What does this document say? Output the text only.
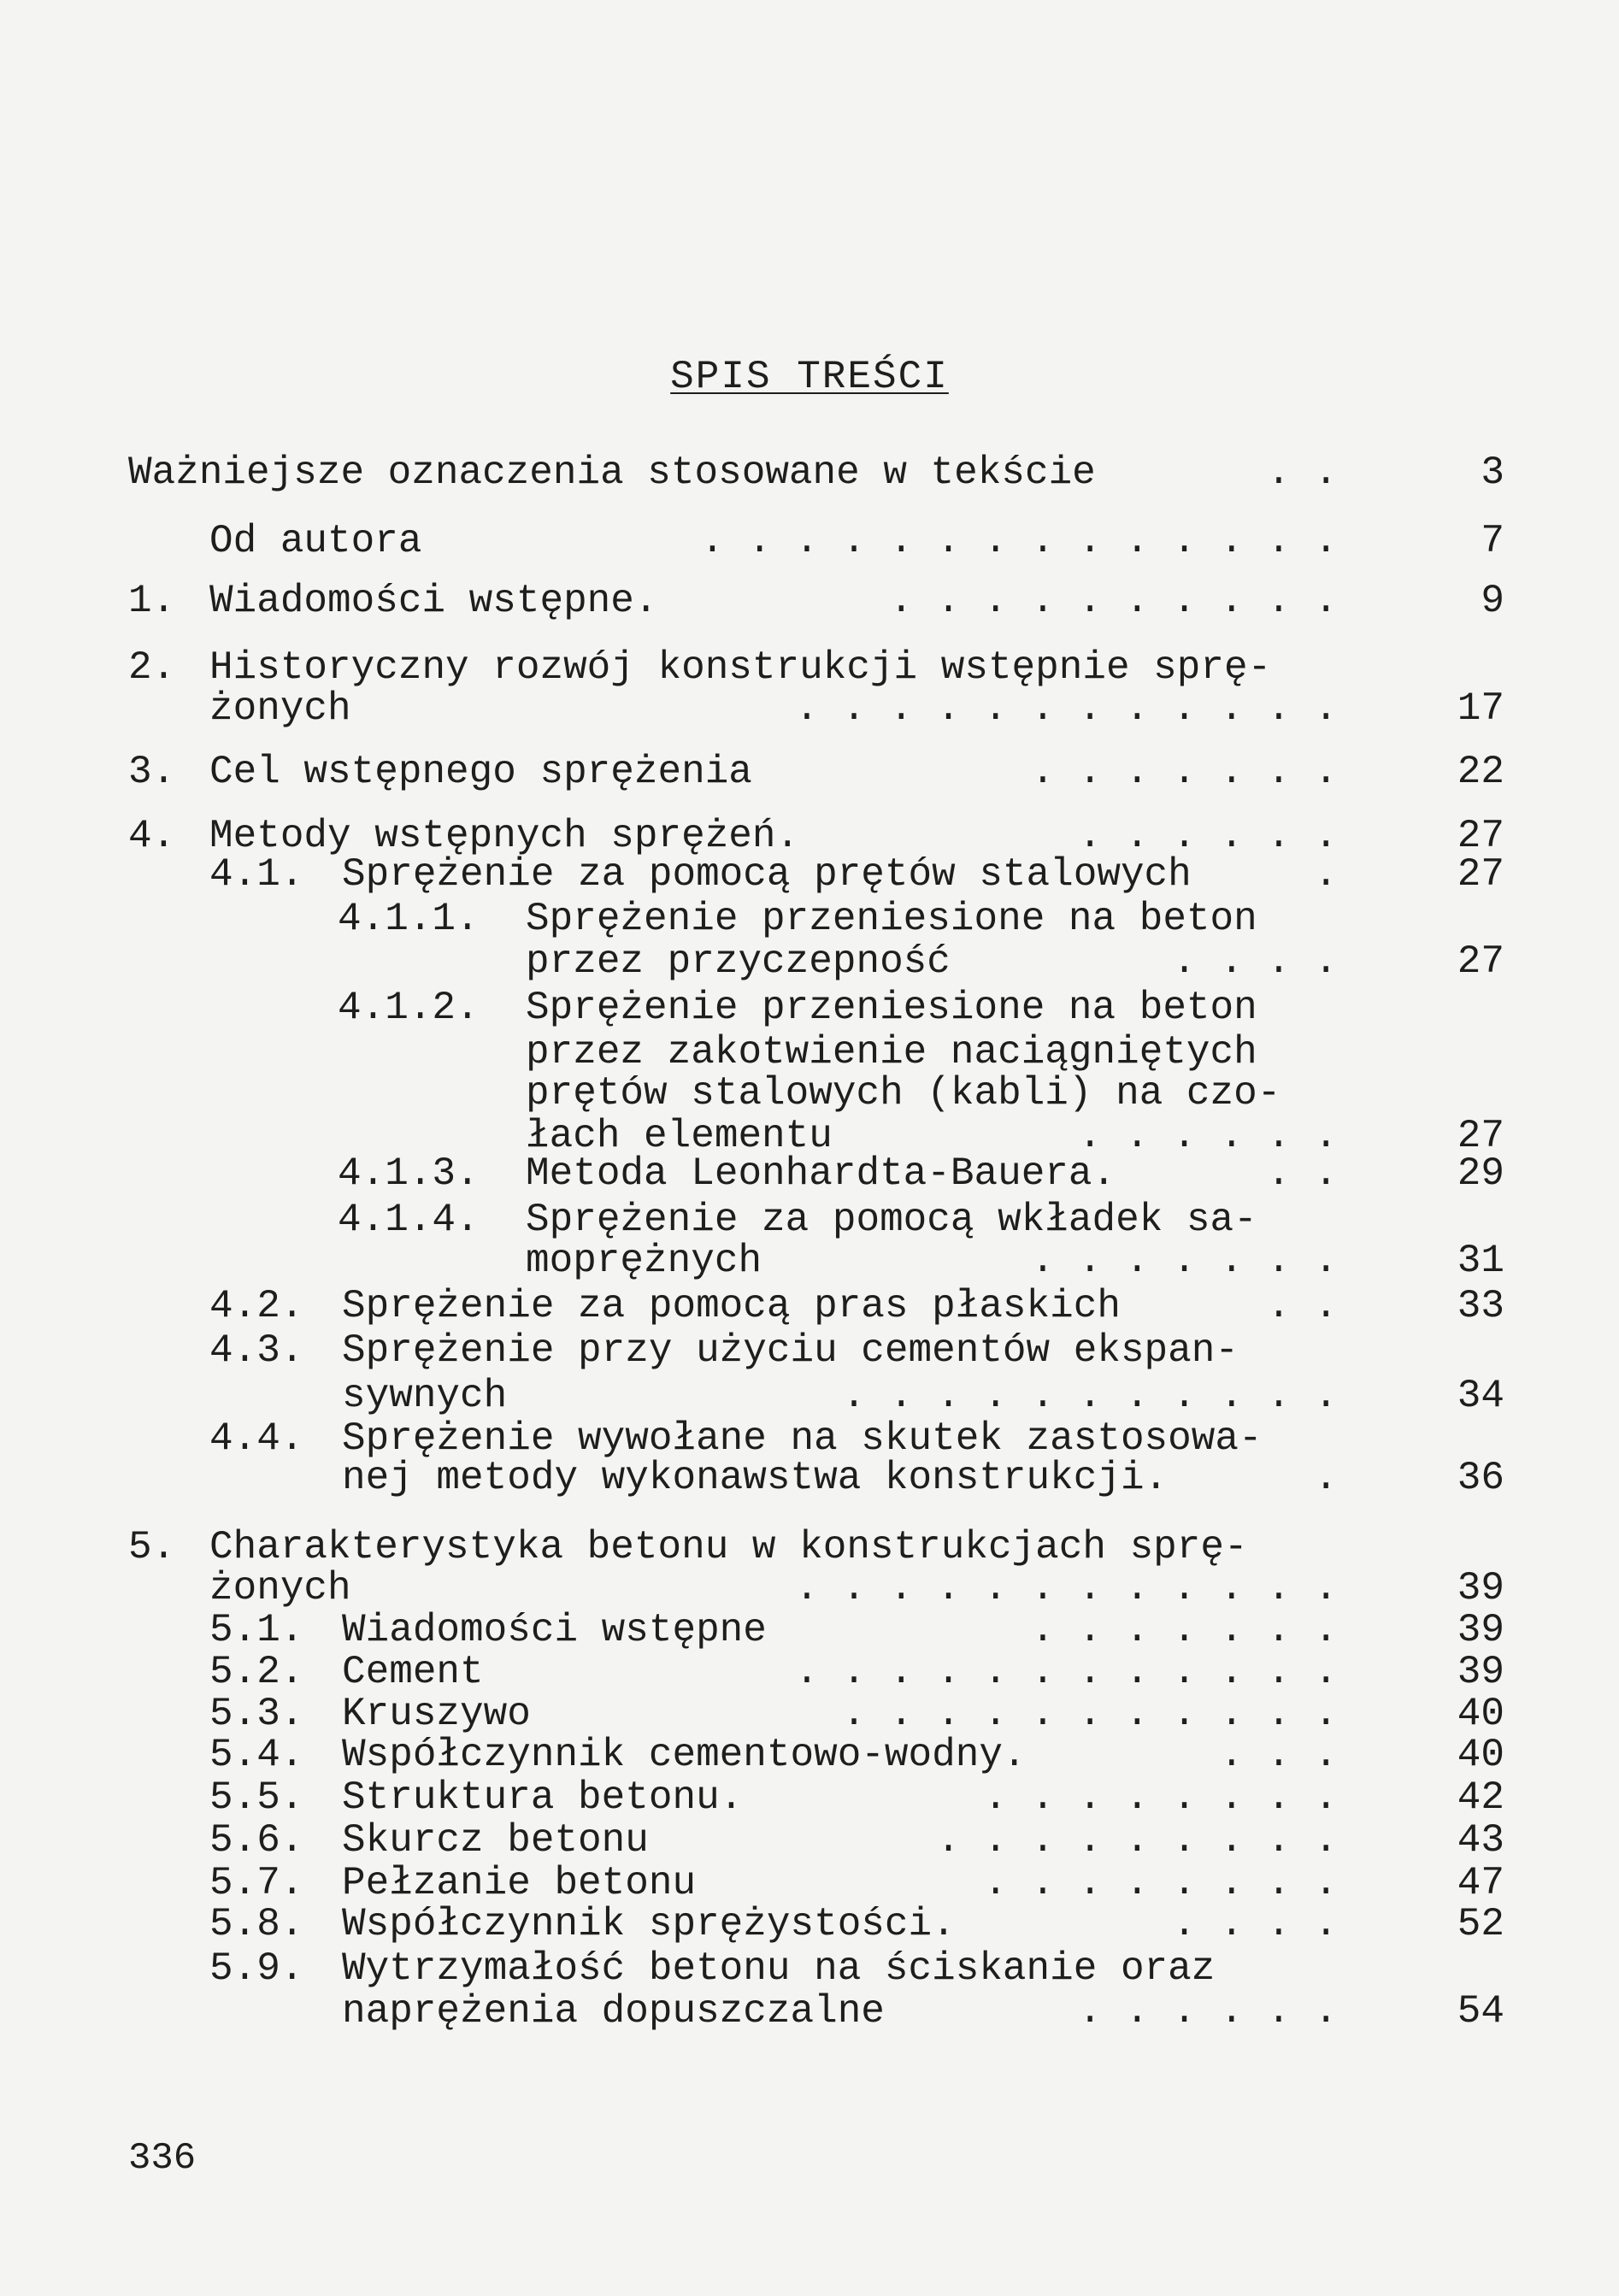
SPIS TREŚCI
Ważniejsze oznaczenia stosowane w tekście	. .	3
Od autora	. . . . . . . . . . . . . .	7
1. Wiadomości wstępne.	. . . . . . . . . .	9
2. Historyczny rozwój konstrukcji wstępnie sprę-
żonych	. . . . . . . . . . . .	17
3. Cel wstępnego sprężenia	. . . . . . .	22
4. Metody wstępnych sprężeń.	. . . . . .	27
4.1. Sprężenie za pomocą prętów stalowych	.	27
4.1.1. Sprężenie przeniesione na beton
przez przyczepność	. . . .	27
4.1.2. Sprężenie przeniesione na beton
przez zakotwienie naciągniętych
prętów stalowych (kabli) na czo-
łach elementu	. . . . . .	27
4.1.3. Metoda Leonhardta-Bauera.	. .	29
4.1.4. Sprężenie za pomocą wkładek sa-
moprężnych	. . . . . . .	31
4.2. Sprężenie za pomocą pras płaskich	. .	33
4.3. Sprężenie przy użyciu cementów ekspan-
sywnych	. . . . . . . . . . .	34
4.4. Sprężenie wywołane na skutek zastosowa-
nej metody wykonawstwa konstrukcji.	.	36
5. Charakterystyka betonu w konstrukcjach sprę-
żonych	. . . . . . . . . . . .	39
5.1. Wiadomości wstępne	. . . . . . .	39
5.2. Cement	. . . . . . . . . . . .	39
5.3. Kruszywo	. . . . . . . . . . .	40
5.4. Współczynnik cementowo-wodny.	. . .	40
5.5. Struktura betonu.	. . . . . . . .	42
5.6. Skurcz betonu	. . . . . . . . .	43
5.7. Pełzanie betonu	. . . . . . . .	47
5.8. Współczynnik sprężystości.	. . . .	52
5.9. Wytrzymałość betonu na ściskanie oraz
naprężenia dopuszczalne	. . . . . .	54
336
